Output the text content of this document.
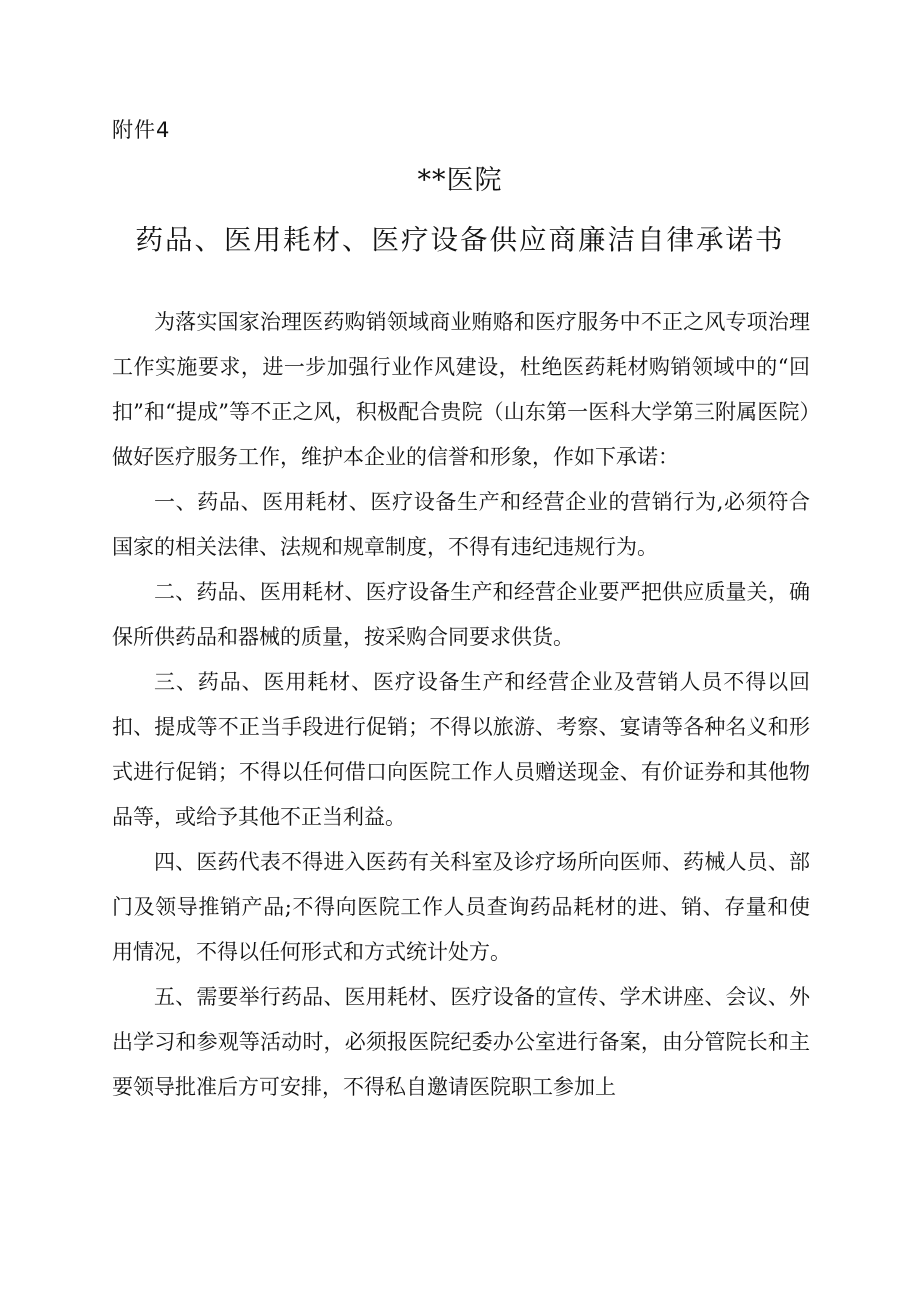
附件4
**医院
药品、医用耗材、医疗设备供应商廉洁自律承诺书

为落实国家治理医药购销领域商业贿赂和医疗服务中不正之风专项治理工作实施要求，进一步加强行业作风建设，杜绝医药耗材购销领域中的“回扣”和“提成”等不正之风，积极配合贵院（山东第一医科大学第三附属医院）做好医疗服务工作，维护本企业的信誉和形象，作如下承诺：

一、药品、医用耗材、医疗设备生产和经营企业的营销行为,必须符合国家的相关法律、法规和规章制度，不得有违纪违规行为。

二、药品、医用耗材、医疗设备生产和经营企业要严把供应质量关，确保所供药品和器械的质量，按采购合同要求供货。

三、药品、医用耗材、医疗设备生产和经营企业及营销人员不得以回扣、提成等不正当手段进行促销；不得以旅游、考察、宴请等各种名义和形式进行促销；不得以任何借口向医院工作人员赠送现金、有价证券和其他物品等，或给予其他不正当利益。

四、医药代表不得进入医药有关科室及诊疗场所向医师、药械人员、部门及领导推销产品;不得向医院工作人员查询药品耗材的进、销、存量和使用情况，不得以任何形式和方式统计处方。

五、需要举行药品、医用耗材、医疗设备的宣传、学术讲座、会议、外出学习和参观等活动时，必须报医院纪委办公室进行备案，由分管院长和主要领导批准后方可安排，不得私自邀请医院职工参加上
